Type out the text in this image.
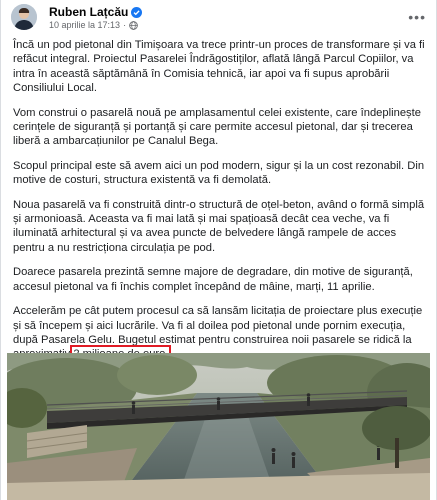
Ruben Lațcău
10 aprilie la 17:13 ·	•••

Încă un pod pietonal din Timișoara va trece printr-un proces de transformare și va fi refăcut integral. Proiectul Pasarelei Îndrăgostiților, aflată lângă Parcul Copiilor, va intra în această săptămână în Comisia tehnică, iar apoi va fi supus aprobării Consiliului Local.

Vom construi o pasarelă nouă pe amplasamentul celei existente, care îndeplinește cerințele de siguranță și portanță și care permite accesul pietonal, dar și trecerea liberă a ambarcațiunilor pe Canalul Bega.

Scopul principal este să avem aici un pod modern, sigur și la un cost rezonabil. Din motive de costuri, structura existentă va fi demolată.

Noua pasarelă va fi construită dintr-o structură de oțel-beton, având o formă simplă și armonioasă. Aceasta va fi mai lată și mai spațioasă decât cea veche, va fi iluminată arhitectural și va avea puncte de belvedere lângă rampele de acces pentru a nu restricționa circulația pe pod.

Doarece pasarela prezintă semne majore de degradare, din motive de siguranță, accesul pietonal va fi închis complet începând de mâine, marți, 11 aprilie.

Accelerăm pe cât putem procesul ca să lansăm licitația de proiectare plus execuție și să începem și aici lucrările. Va fi al doilea pod pietonal unde pornim execuția, după Pasarela Gelu. Bugetul estimat pentru construirea noii pasarele se ridică la
